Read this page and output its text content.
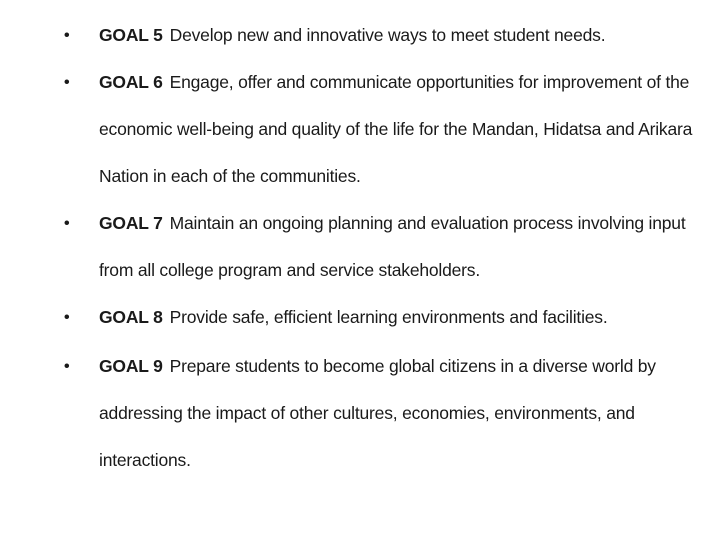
•	GOAL 5 Develop new and innovative ways to meet student needs.
•	GOAL 6 Engage, offer and communicate opportunities for improvement of the economic well-being and quality of the life for the Mandan, Hidatsa and Arikara Nation in each of the communities.
•	GOAL 7 Maintain an ongoing planning and evaluation process involving input from all college program and service stakeholders.
•	GOAL 8 Provide safe, efficient learning environments and facilities.
•	GOAL 9 Prepare students to become global citizens in a diverse world by addressing the impact of other cultures, economies, environments, and interactions.
